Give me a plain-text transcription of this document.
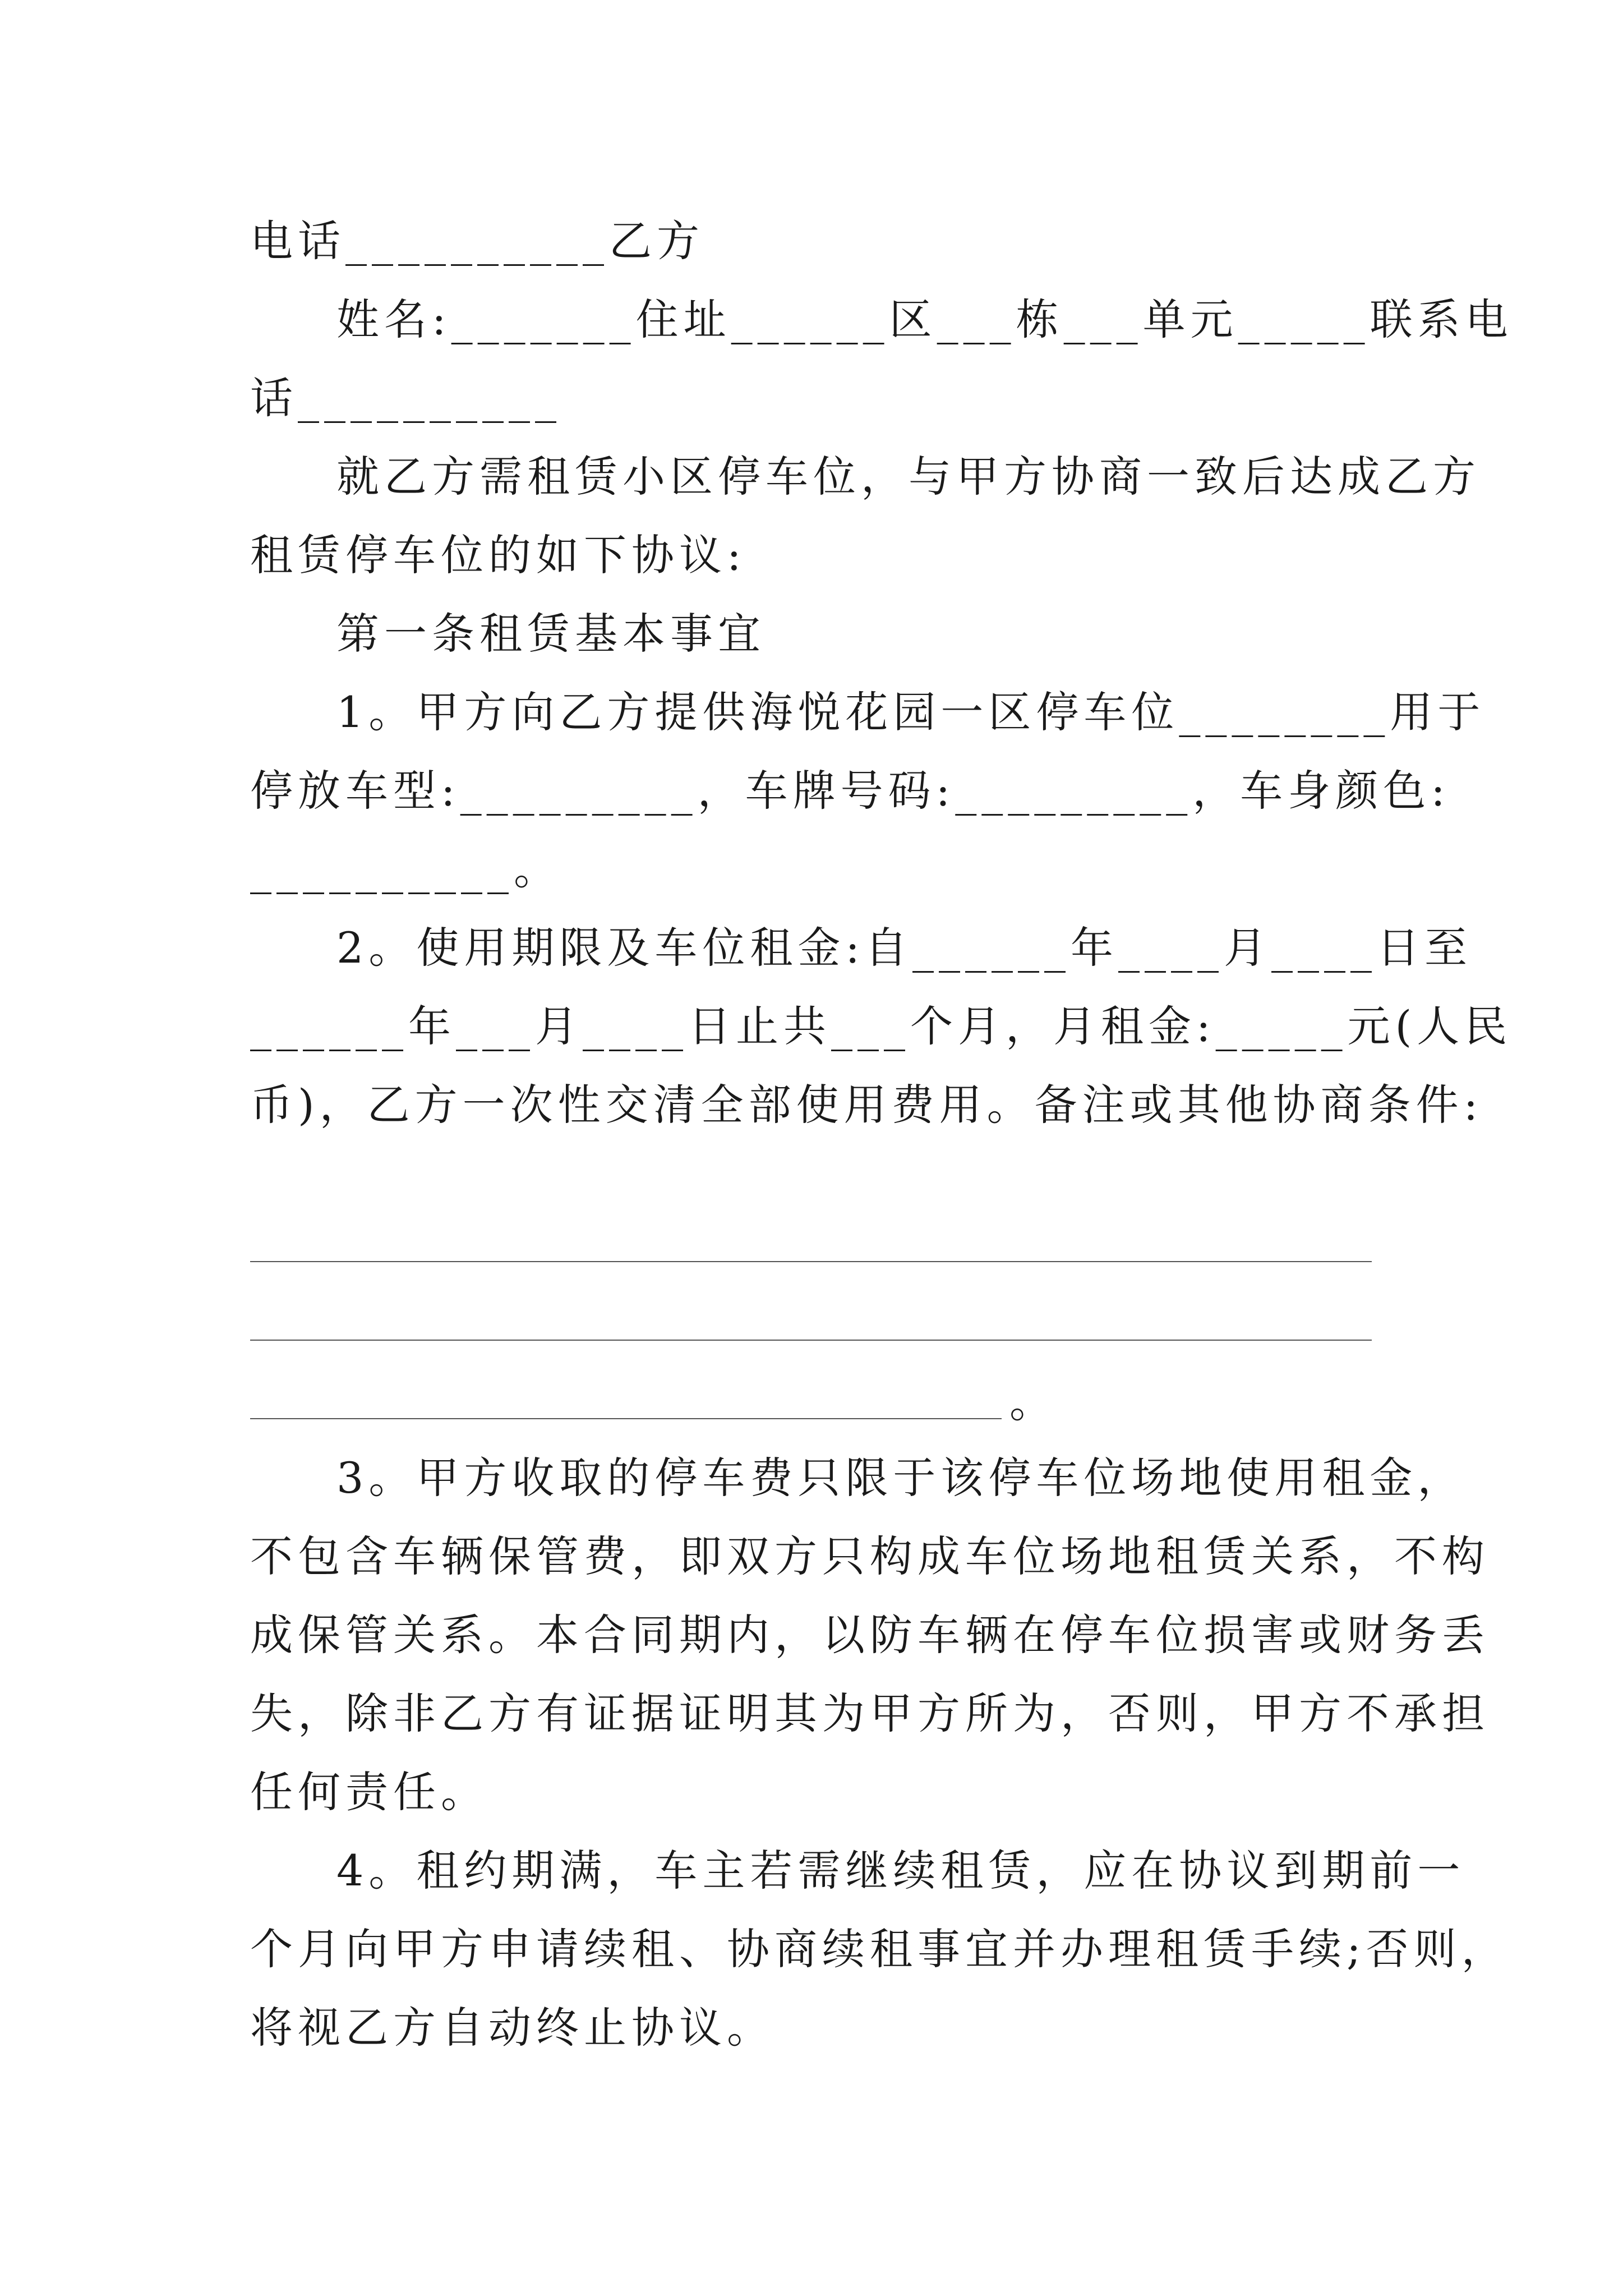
电话__________乙方
姓名:_______住址______区___栋___单元_____联系电
话__________
就乙方需租赁小区停车位，与甲方协商一致后达成乙方
租赁停车位的如下协议:
第一条租赁基本事宜
1。甲方向乙方提供海悦花园一区停车位________用于
停放车型:_________，车牌号码:_________，车身颜色:
__________。
2。使用期限及车位租金:自______年____月____日至
______年___月____日止共___个月，月租金:_____元(人民
币)，乙方一次性交清全部使用费用。备注或其他协商条件:
。
3。甲方收取的停车费只限于该停车位场地使用租金，
不包含车辆保管费，即双方只构成车位场地租赁关系，不构
成保管关系。本合同期内，以防车辆在停车位损害或财务丢
失，除非乙方有证据证明其为甲方所为，否则，甲方不承担
任何责任。
4。租约期满，车主若需继续租赁，应在协议到期前一
个月向甲方申请续租、协商续租事宜并办理租赁手续;否则，
将视乙方自动终止协议。
